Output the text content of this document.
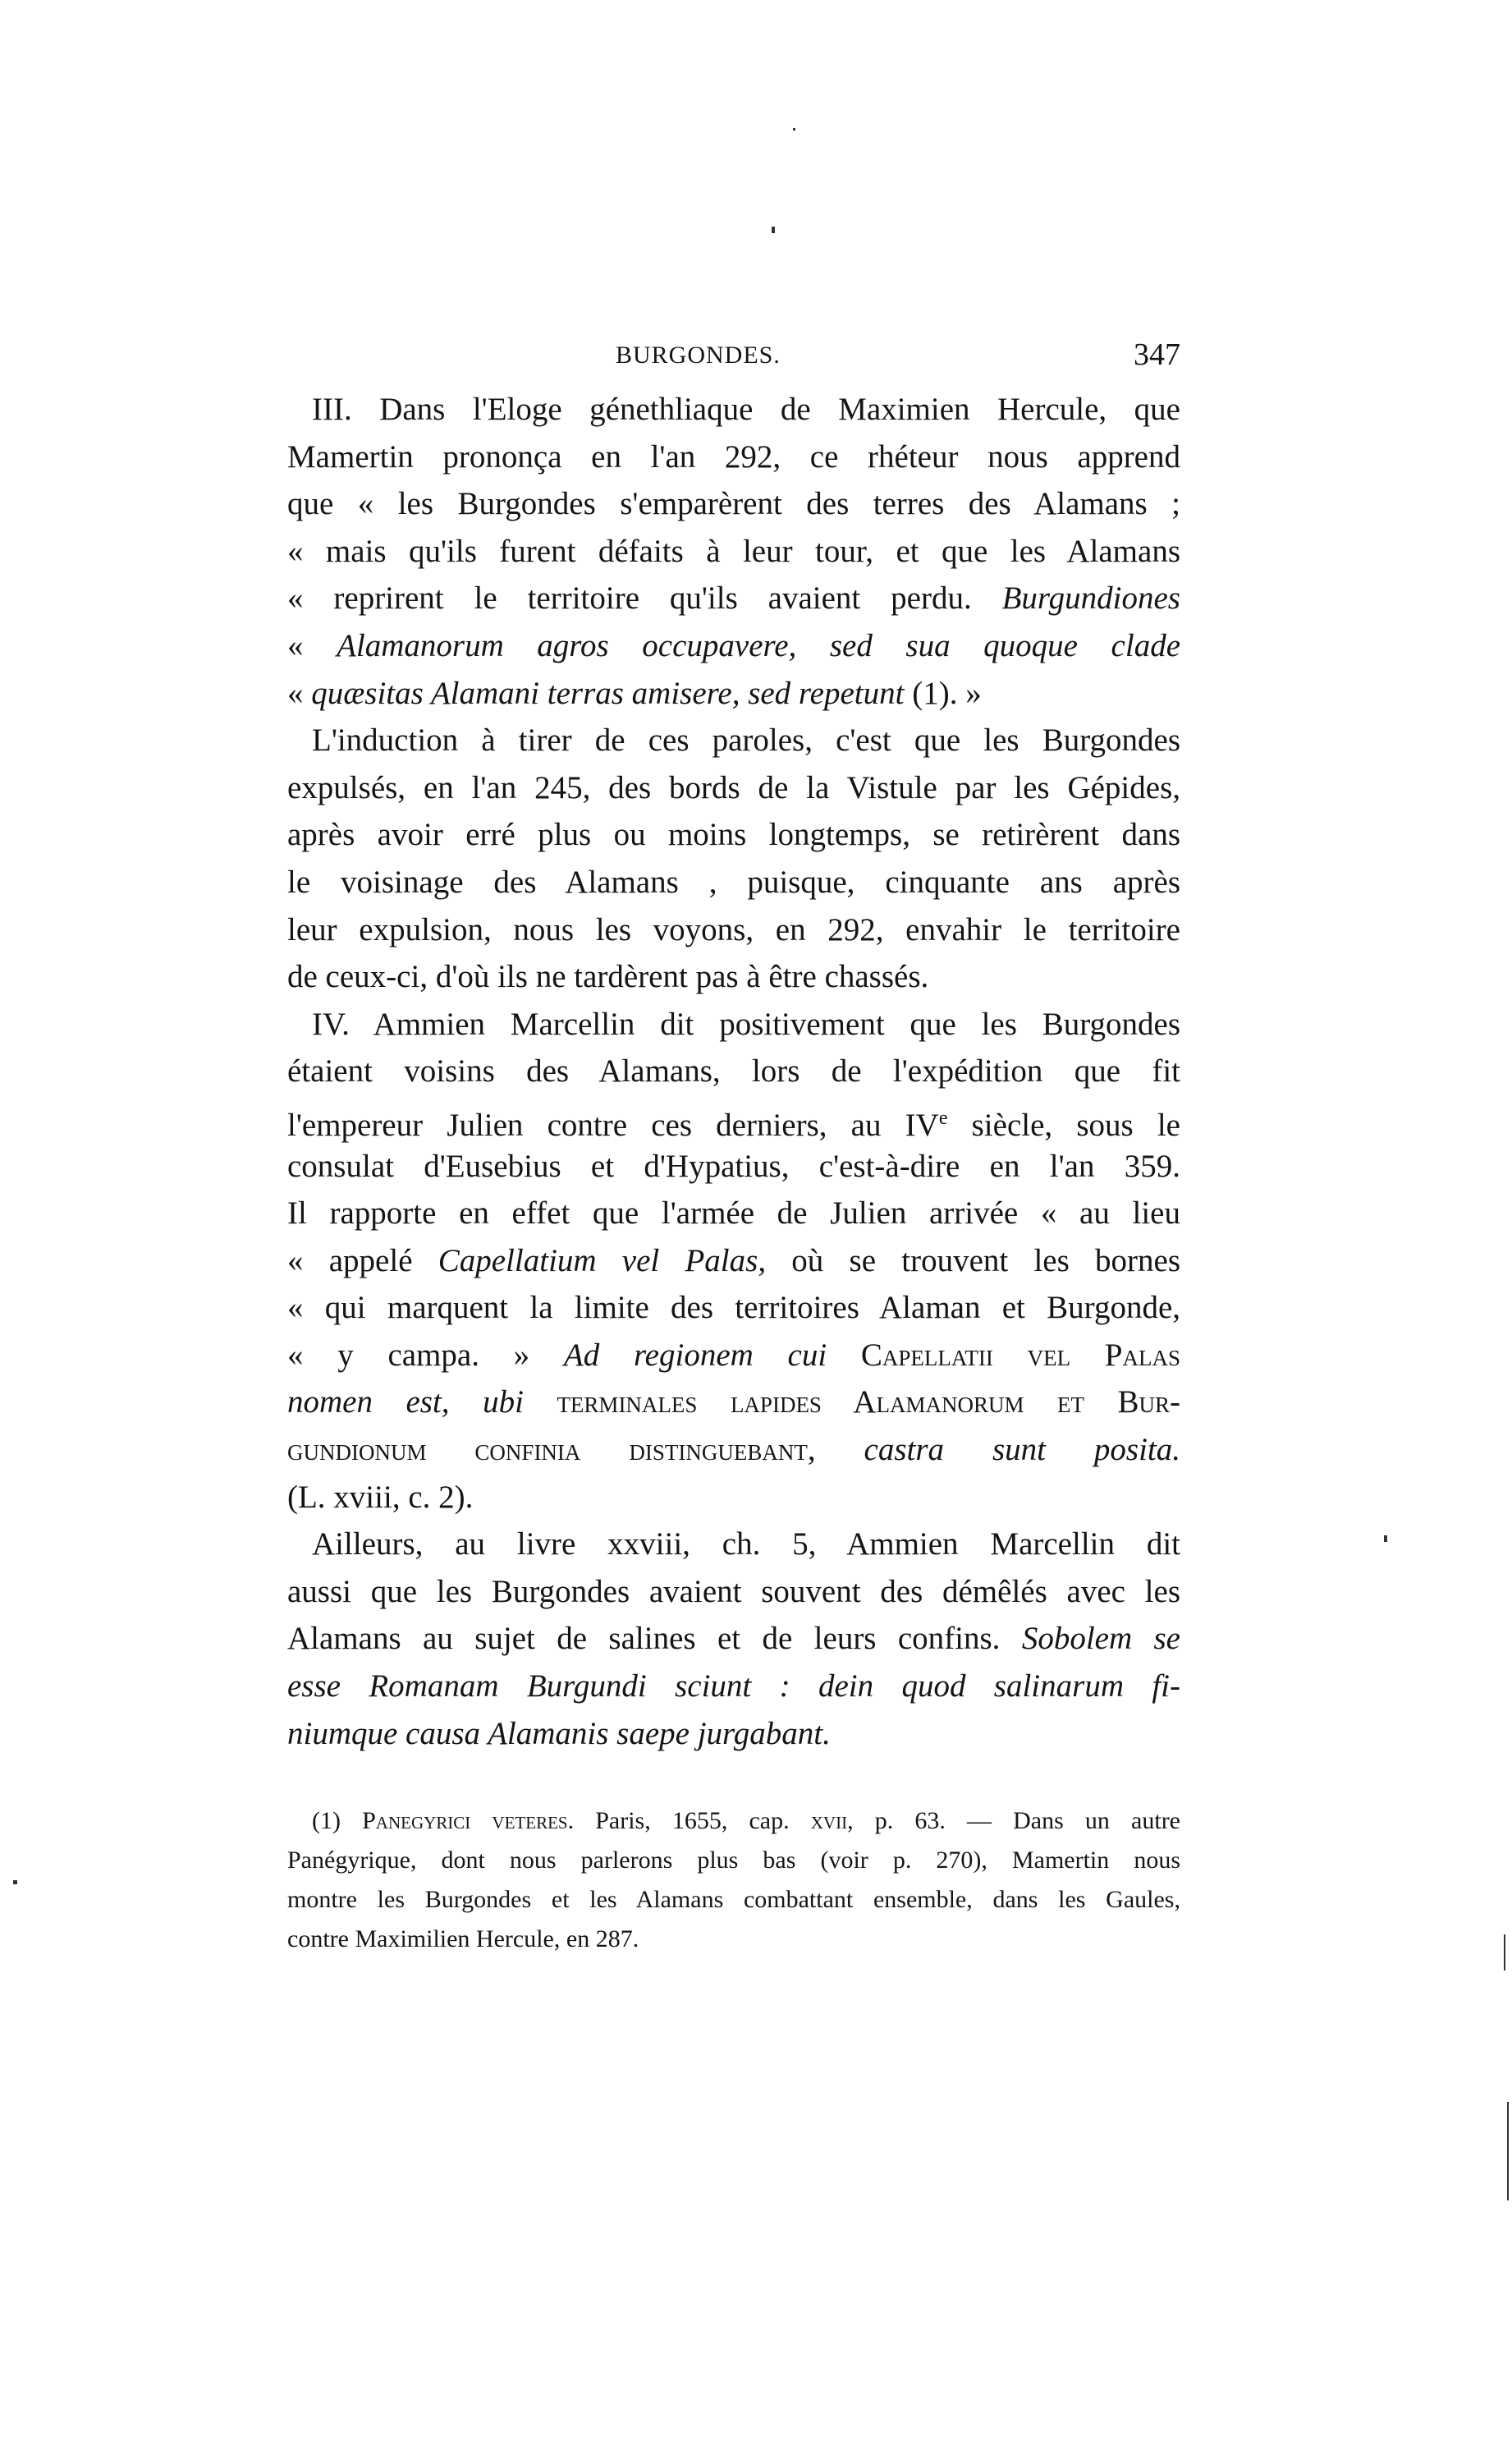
BURGONDES.	347
III. Dans l'Eloge génethliaque de Maximien Hercule, que
Mamertin prononça en l'an 292, ce rhéteur nous apprend
que « les Burgondes s'emparèrent des terres des Alamans ;
« mais qu'ils furent défaits à leur tour, et que les Alamans
« reprirent le territoire qu'ils avaient perdu. Burgundiones
« Alamanorum agros occupavere, sed sua quoque clade
« quæsitas Alamani terras amisere, sed repetunt (1). »
L'induction à tirer de ces paroles, c'est que les Burgondes
expulsés, en l'an 245, des bords de la Vistule par les Gépides,
après avoir erré plus ou moins longtemps, se retirèrent dans
le voisinage des Alamans , puisque, cinquante ans après
leur expulsion, nous les voyons, en 292, envahir le territoire
de ceux-ci, d'où ils ne tardèrent pas à être chassés.
IV. Ammien Marcellin dit positivement que les Burgondes
étaient voisins des Alamans, lors de l'expédition que fit
l'empereur Julien contre ces derniers, au IVe siècle, sous le
consulat d'Eusebius et d'Hypatius, c'est-à-dire en l'an 359.
Il rapporte en effet que l'armée de Julien arrivée « au lieu
« appelé Capellatium vel Palas, où se trouvent les bornes
« qui marquent la limite des territoires Alaman et Burgonde,
« y campa. » Ad regionem cui Capellatii vel Palas
nomen est, ubi terminales lapides Alamanorum et Bur-
gundionum confinia distinguebant, castra sunt posita.
(L. xviii, c. 2).
Ailleurs, au livre xxviii, ch. 5, Ammien Marcellin dit
aussi que les Burgondes avaient souvent des démêlés avec les
Alamans au sujet de salines et de leurs confins. Sobolem se
esse Romanam Burgundi sciunt : dein quod salinarum fi-
niumque causa Alamanis saepe jurgabant.
(1) Panegyrici veteres. Paris, 1655, cap. xvii, p. 63. — Dans un autre
Panégyrique, dont nous parlerons plus bas (voir p. 270), Mamertin nous
montre les Burgondes et les Alamans combattant ensemble, dans les Gaules,
contre Maximilien Hercule, en 287.
